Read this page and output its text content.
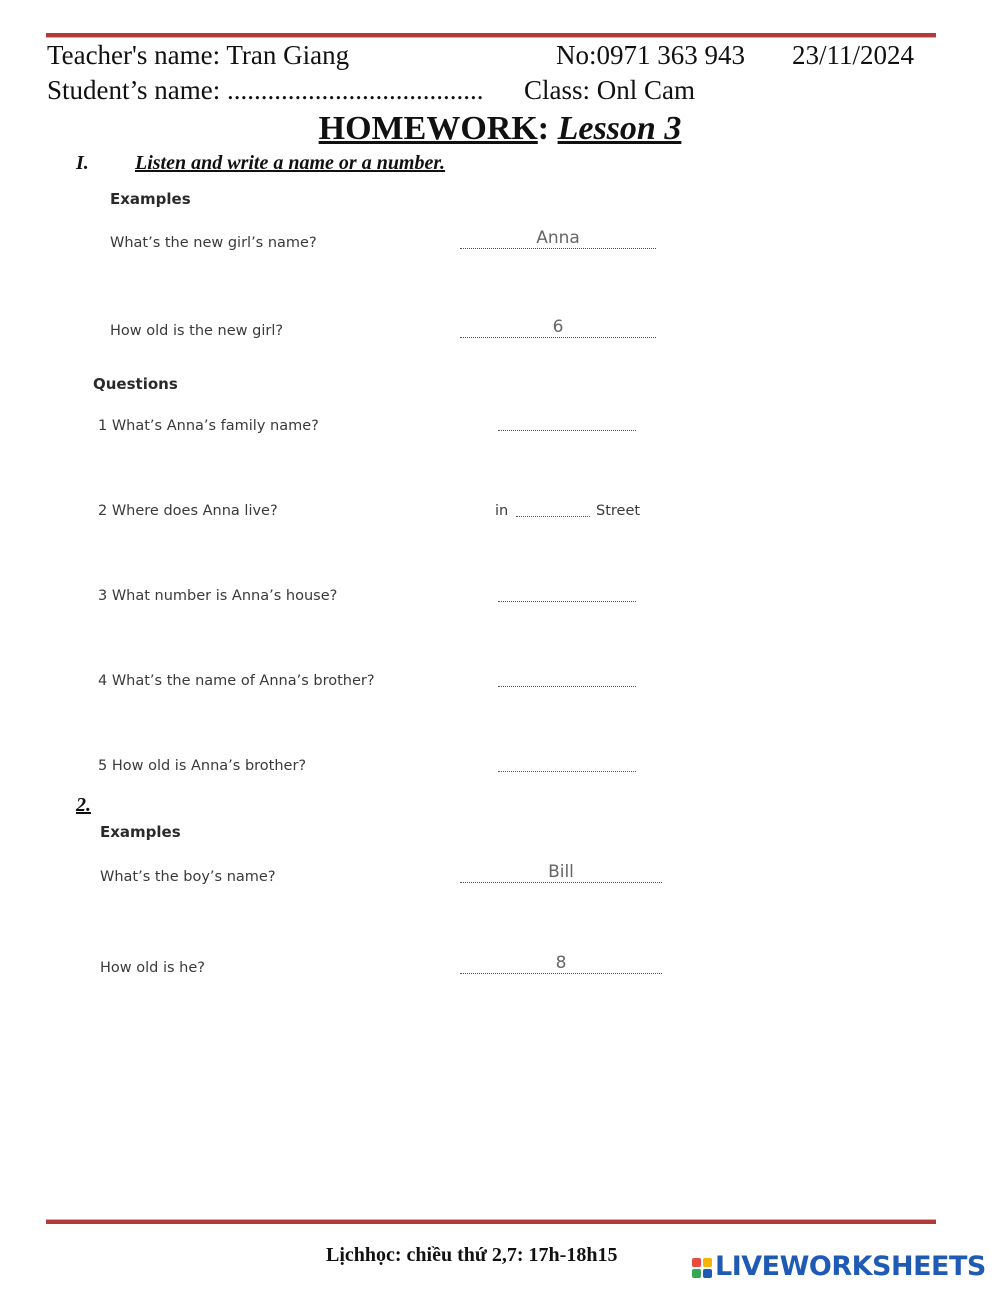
Teacher's name: Tran Giang	No:0971 363 943 23/11/2024
Student’s name: ...................................... Class: Onl Cam
HOMEWORK: Lesson 3
I. Listen and write a name or a number.
Examples
What’s the new girl’s name?	Anna
How old is the new girl?	6
Questions
1 What’s Anna’s family name?
2 Where does Anna live?	in	Street
3 What number is Anna’s house?
4 What’s the name of Anna’s brother?
5 How old is Anna’s brother?
2.
Examples
What’s the boy’s name?	Bill
How old is he?	8
Lịchhọc: chiều thứ 2,7: 17h-18h15	LIVEWORKSHEETS
